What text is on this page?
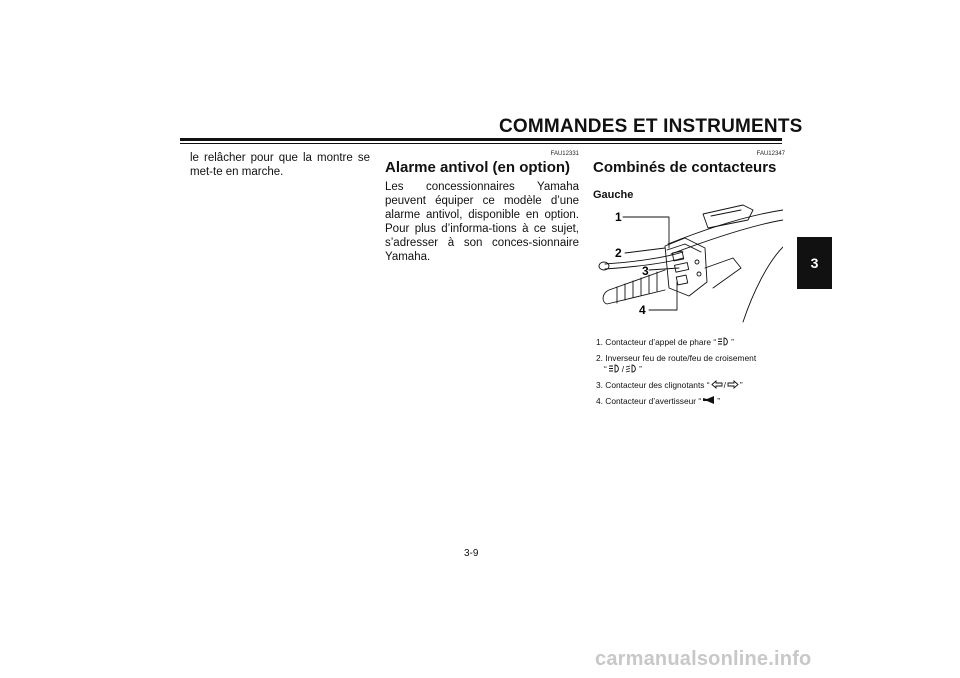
COMMANDES ET INSTRUMENTS
3
le relâcher pour que la montre se met-te en marche.
FAU12331
Alarme antivol (en option)
Les concessionnaires Yamaha peuvent équiper ce modèle d’une alarme antivol, disponible en option. Pour plus d’informa-tions à ce sujet, s’adresser à son conces-sionnaire Yamaha.
FAU12347
Combinés de contacteurs
Gauche
1
2
3
4
1. Contacteur d’appel de phare “ ”
2. Inverseur feu de route/feu de croisement
“ / ”
3. Contacteur des clignotants “ / ”
4. Contacteur d’avertisseur “ ”
3-9
carmanualsonline.info
